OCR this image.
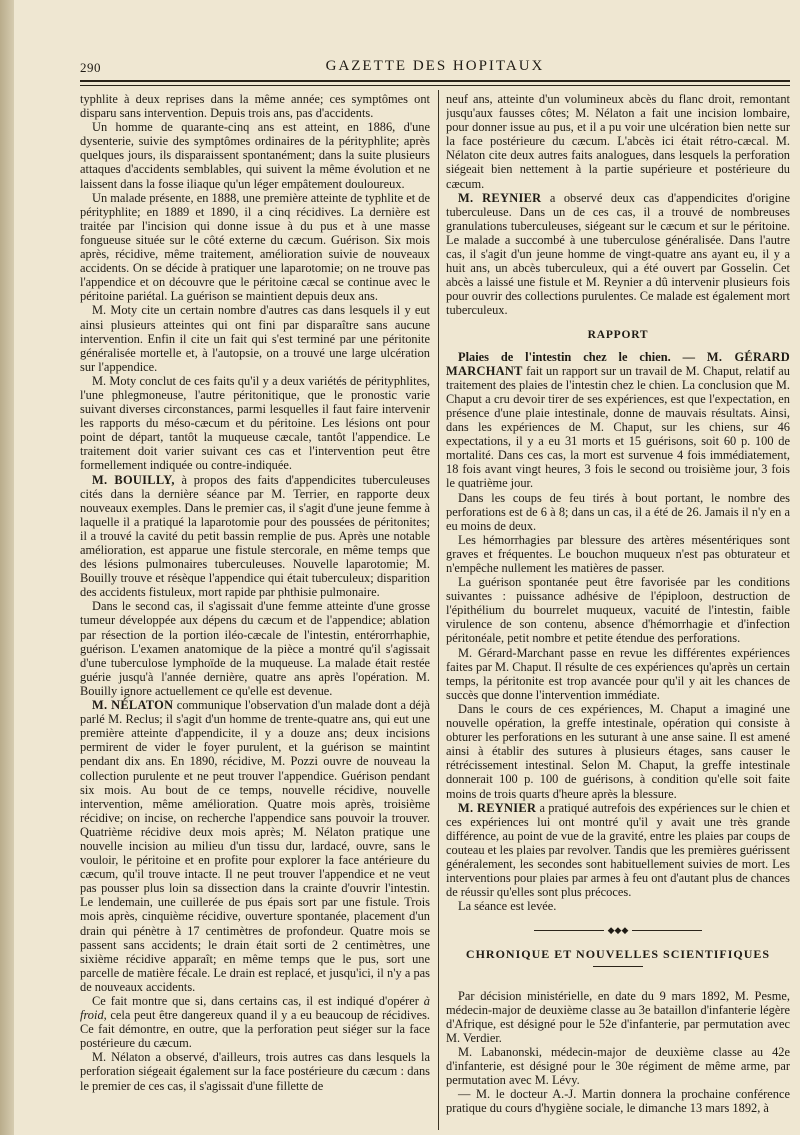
290	GAZETTE DES HOPITAUX

typhlite à deux reprises dans la même année; ces symptômes ont disparu sans intervention. Depuis trois ans, pas d'accidents.

Un homme de quarante-cinq ans est atteint, en 1886, d'une dysenterie, suivie des symptômes ordinaires de la pérityphlite; après quelques jours, ils disparaissent spontanément; dans la suite plusieurs attaques d'accidents semblables, qui suivent la même évolution et ne laissent dans la fosse iliaque qu'un léger empâtement douloureux.

Un malade présente, en 1888, une première atteinte de typhlite et de pérityphlite; en 1889 et 1890, il a cinq récidives. La dernière est traitée par l'incision qui donne issue à du pus et à une masse fongueuse située sur le côté externe du cæcum. Guérison. Six mois après, récidive, même traitement, amélioration suivie de nouveaux accidents. On se décide à pratiquer une laparotomie; on ne trouve pas l'appendice et on découvre que le péritoine cæcal se continue avec le péritoine pariétal. La guérison se maintient depuis deux ans.

M. Moty cite un certain nombre d'autres cas dans lesquels il y eut ainsi plusieurs atteintes qui ont fini par disparaître sans aucune intervention. Enfin il cite un fait qui s'est terminé par une péritonite généralisée mortelle et, à l'autopsie, on a trouvé une large ulcération sur l'appendice.

M. Moty conclut de ces faits qu'il y a deux variétés de pérityphlites, l'une phlegmoneuse, l'autre péritonitique, que le pronostic varie suivant diverses circonstances, parmi lesquelles il faut faire intervenir les rapports du méso-cæcum et du péritoine. Les lésions ont pour point de départ, tantôt la muqueuse cæcale, tantôt l'appendice. Le traitement doit varier suivant ces cas et l'intervention peut être formellement indiquée ou contre-indiquée.

M. BOUILLY, à propos des faits d'appendicites tuberculeuses cités dans la dernière séance par M. Terrier, en rapporte deux nouveaux exemples. Dans le premier cas, il s'agit d'une jeune femme à laquelle il a pratiqué la laparotomie pour des poussées de péritonites; il a trouvé la cavité du petit bassin remplie de pus. Après une notable amélioration, est apparue une fistule stercorale, en même temps que des lésions pulmonaires tuberculeuses. Nouvelle laparotomie; M. Bouilly trouve et résèque l'appendice qui était tuberculeux; disparition des accidents fistuleux, mort rapide par phthisie pulmonaire.

Dans le second cas, il s'agissait d'une femme atteinte d'une grosse tumeur développée aux dépens du cæcum et de l'appendice; ablation par résection de la portion iléo-cæcale de l'intestin, entérorrhaphie, guérison. L'examen anatomique de la pièce a montré qu'il s'agissait d'une tuberculose lymphoïde de la muqueuse. La malade était restée guérie jusqu'à l'année dernière, quatre ans après l'opération. M. Bouilly ignore actuellement ce qu'elle est devenue.

M. NÉLATON communique l'observation d'un malade dont a déjà parlé M. Reclus; il s'agit d'un homme de trente-quatre ans, qui eut une première atteinte d'appendicite, il y a douze ans; deux incisions permirent de vider le foyer purulent, et la guérison se maintint pendant dix ans. En 1890, récidive, M. Pozzi ouvre de nouveau la collection purulente et ne peut trouver l'appendice. Guérison pendant six mois. Au bout de ce temps, nouvelle récidive, nouvelle intervention, même amélioration. Quatre mois après, troisième récidive; on incise, on recherche l'appendice sans pouvoir la trouver. Quatrième récidive deux mois après; M. Nélaton pratique une nouvelle incision au milieu d'un tissu dur, lardacé, ouvre, sans le vouloir, le péritoine et en profite pour explorer la face antérieure du cæcum, qu'il trouve intacte. Il ne peut trouver l'appendice et ne veut pas pousser plus loin sa dissection dans la crainte d'ouvrir l'intestin. Le lendemain, une cuillerée de pus épais sort par une fistule. Trois mois après, cinquième récidive, ouverture spontanée, placement d'un drain qui pénètre à 17 centimètres de profondeur. Quatre mois se passent sans accidents; le drain était sorti de 2 centimètres, une sixième récidive apparaît; en même temps que le pus, sort une parcelle de matière fécale. Le drain est replacé, et jusqu'ici, il n'y a pas de nouveaux accidents.

Ce fait montre que si, dans certains cas, il est indiqué d'opérer à froid, cela peut être dangereux quand il y a eu beaucoup de récidives. Ce fait démontre, en outre, que la perforation peut siéger sur la face postérieure du cæcum.

M. Nélaton a observé, d'ailleurs, trois autres cas dans lesquels la perforation siégeait également sur la face postérieure du cæcum : dans le premier de ces cas, il s'agissait d'une fillette de

neuf ans, atteinte d'un volumineux abcès du flanc droit, remontant jusqu'aux fausses côtes; M. Nélaton a fait une incision lombaire, pour donner issue au pus, et il a pu voir une ulcération bien nette sur la face postérieure du cæcum. L'abcès ici était rétro-cæcal. M. Nélaton cite deux autres faits analogues, dans lesquels la perforation siégeait bien nettement à la partie supérieure et postérieure du cæcum.

M. REYNIER a observé deux cas d'appendicites d'origine tuberculeuse. Dans un de ces cas, il a trouvé de nombreuses granulations tuberculeuses, siégeant sur le cæcum et sur le péritoine. Le malade a succombé à une tuberculose généralisée. Dans l'autre cas, il s'agit d'un jeune homme de vingt-quatre ans ayant eu, il y a huit ans, un abcès tuberculeux, qui a été ouvert par Gosselin. Cet abcès a laissé une fistule et M. Reynier a dû intervenir plusieurs fois pour ouvrir des collections purulentes. Ce malade est également mort tuberculeux.

RAPPORT

Plaies de l'intestin chez le chien. — M. GÉRARD MARCHANT fait un rapport sur un travail de M. Chaput, relatif au traitement des plaies de l'intestin chez le chien. La conclusion que M. Chaput a cru devoir tirer de ses expériences, est que l'expectation, en présence d'une plaie intestinale, donne de mauvais résultats. Ainsi, dans les expériences de M. Chaput, sur les chiens, sur 46 expectations, il y a eu 31 morts et 15 guérisons, soit 60 p. 100 de mortalité. Dans ces cas, la mort est survenue 4 fois immédiatement, 18 fois avant vingt heures, 3 fois le second ou troisième jour, 3 fois le quatrième jour.

Dans les coups de feu tirés à bout portant, le nombre des perforations est de 6 à 8; dans un cas, il a été de 26. Jamais il n'y en a eu moins de deux.

Les hémorrhagies par blessure des artères mésentériques sont graves et fréquentes. Le bouchon muqueux n'est pas obturateur et n'empêche nullement les matières de passer.

La guérison spontanée peut être favorisée par les conditions suivantes : puissance adhésive de l'épiploon, destruction de l'épithélium du bourrelet muqueux, vacuité de l'intestin, faible virulence de son contenu, absence d'hémorrhagie et d'infection péritonéale, petit nombre et petite étendue des perforations.

M. Gérard-Marchant passe en revue les différentes expériences faites par M. Chaput. Il résulte de ces expériences qu'après un certain temps, la péritonite est trop avancée pour qu'il y ait les chances de succès que donne l'intervention immédiate.

Dans le cours de ces expériences, M. Chaput a imaginé une nouvelle opération, la greffe intestinale, opération qui consiste à obturer les perforations en les suturant à une anse saine. Il est amené ainsi à établir des sutures à plusieurs étages, sans causer le rétrécissement intestinal. Selon M. Chaput, la greffe intestinale donnerait 100 p. 100 de guérisons, à condition qu'elle soit faite moins de trois quarts d'heure après la blessure.

M. REYNIER a pratiqué autrefois des expériences sur le chien et ces expériences lui ont montré qu'il y avait une très grande différence, au point de vue de la gravité, entre les plaies par coups de couteau et les plaies par revolver. Tandis que les premières guérissent généralement, les secondes sont habituellement suivies de mort. Les interventions pour plaies par armes à feu ont d'autant plus de chances de réussir qu'elles sont plus précoces.

La séance est levée.

◆◆◆
CHRONIQUE ET NOUVELLES SCIENTIFIQUES

Par décision ministérielle, en date du 9 mars 1892, M. Pesme, médecin-major de deuxième classe au 3e bataillon d'infanterie légère d'Afrique, est désigné pour le 52e d'infanterie, par permutation avec M. Verdier.

M. Labanonski, médecin-major de deuxième classe au 42e d'infanterie, est désigné pour le 30e régiment de même arme, par permutation avec M. Lévy.

— M. le docteur A.-J. Martin donnera la prochaine conférence pratique du cours d'hygiène sociale, le dimanche 13 mars 1892, à
